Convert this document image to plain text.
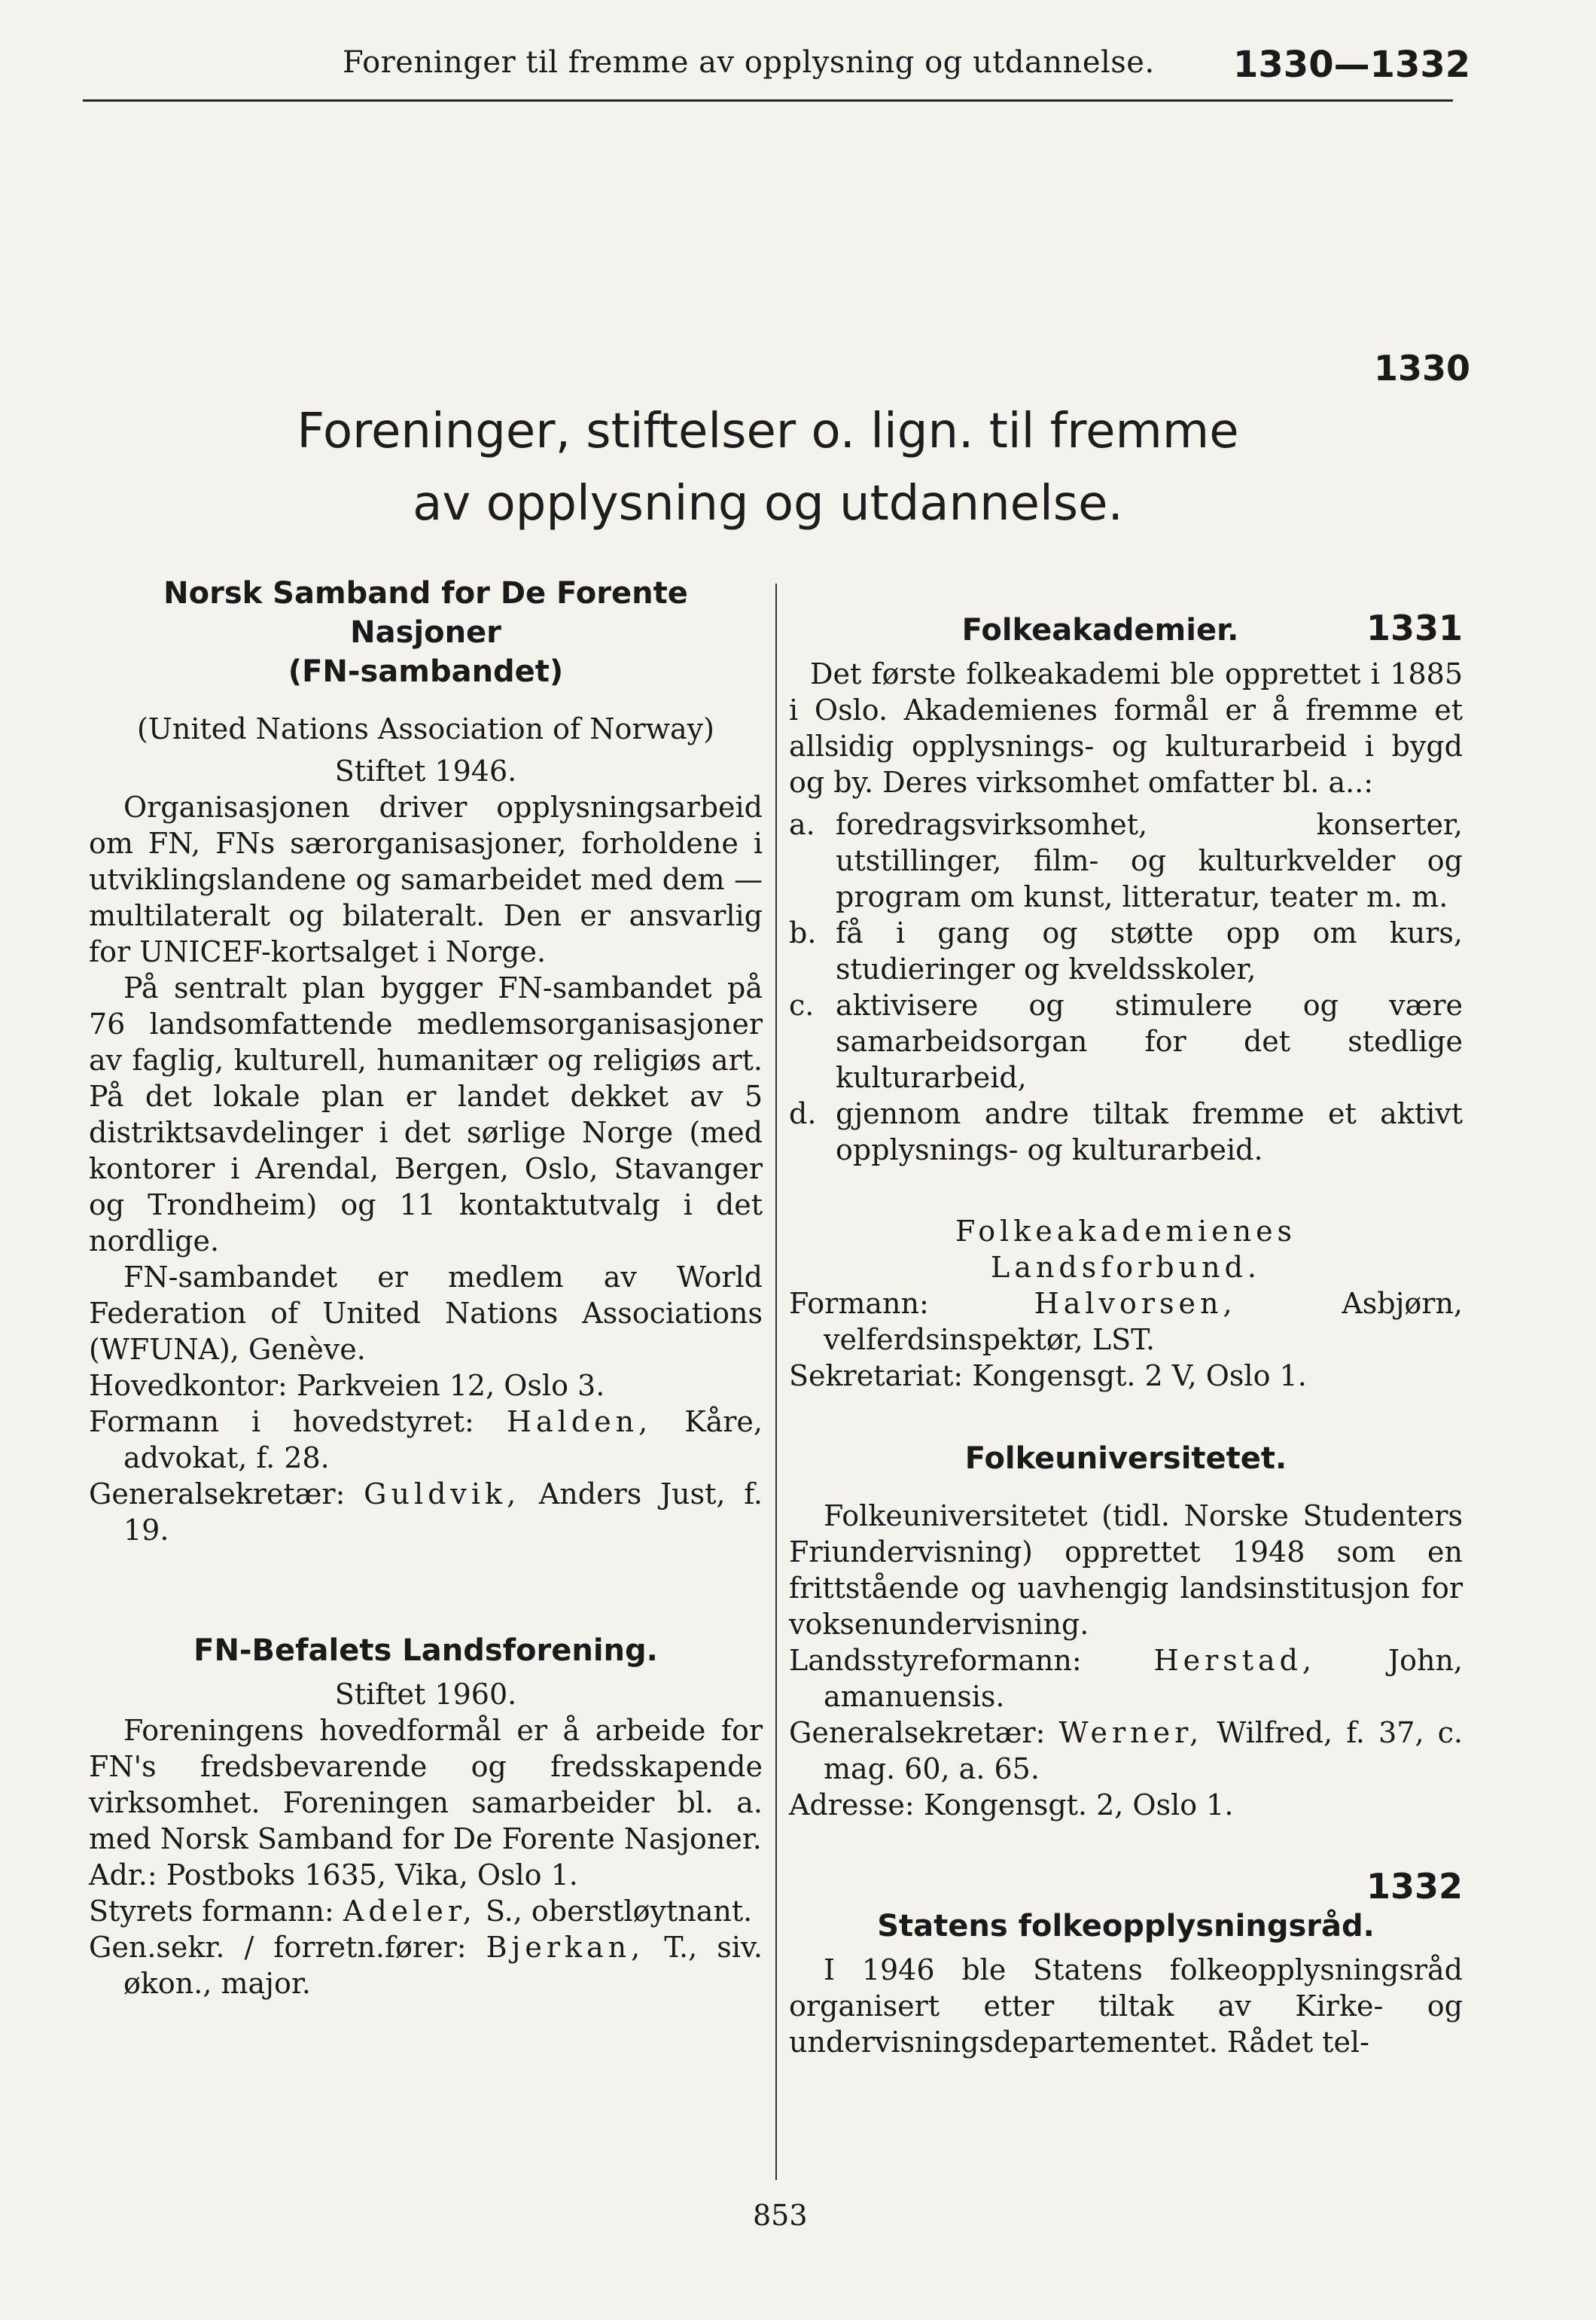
Foreninger til fremme av opplysning og utdannelse. 1330—1332
1330
Foreninger, stiftelser o. lign. til fremme
av opplysning og utdannelse.
Norsk Samband for De Forente Nasjoner
(FN-sambandet)
(United Nations Association of Norway)
Stiftet 1946.

Organisasjonen driver opplysningsarbeid om FN, FNs særorganisasjoner, forholdene i utviklingslandene og samarbeidet med dem — multilateralt og bilateralt. Den er ansvarlig for UNICEF-kortsalget i Norge.

På sentralt plan bygger FN-sambandet på 76 landsomfattende medlemsorganisasjoner av faglig, kulturell, humanitær og religiøs art. På det lokale plan er landet dekket av 5 distriktsavdelinger i det sørlige Norge (med kontorer i Arendal, Bergen, Oslo, Stavanger og Trondheim) og 11 kontaktutvalg i det nordlige.

FN-sambandet er medlem av World Federation of United Nations Associations (WFUNA), Genève.

Hovedkontor: Parkveien 12, Oslo 3.

Formann i hovedstyret: Halden, Kåre, advokat, f. 28.

Generalsekretær: Guldvik, Anders Just, f. 19.

FN-Befalets Landsforening.
Stiftet 1960.

Foreningens hovedformål er å arbeide for FN's fredsbevarende og fredsskapende virksomhet. Foreningen samarbeider bl. a. med Norsk Samband for De Forente Nasjoner.

Adr.: Postboks 1635, Vika, Oslo 1.

Styrets formann: Adeler, S., oberstløytnant.

Gen.sekr. / forretn.fører: Bjerkan, T., siv. økon., major.

Folkeakademier.	1331

Det første folkeakademi ble opprettet i 1885 i Oslo. Akademienes formål er å fremme et allsidig opplysnings- og kulturarbeid i bygd og by. Deres virksomhet omfatter bl. a..:

a. foredragsvirksomhet, konserter, utstillinger, film- og kulturkvelder og program om kunst, litteratur, teater m. m.

b. få i gang og støtte opp om kurs, studieringer og kveldsskoler,

c. aktivisere og stimulere og være samarbeidsorgan for det stedlige kulturarbeid,

d. gjennom andre tiltak fremme et aktivt opplysnings- og kulturarbeid.

Folkeakademienes Landsforbund.

Formann:	Halvorsen,	Asbjørn, velferdsinspektør, LST.

Sekretariat: Kongensgt. 2 V, Oslo 1.

Folkeuniversitetet.

Folkeuniversitetet (tidl. Norske Studenters Friundervisning) opprettet 1948 som en frittstående og uavhengig landsinstitusjon for voksenundervisning.

Landsstyreformann:	Herstad,	John, amanuensis.

Generalsekretær: Werner, Wilfred, f. 37, c. mag. 60, a. 65.

Adresse: Kongensgt. 2, Oslo 1.

1332
Statens folkeopplysningsråd.

I 1946 ble Statens folkeopplysningsråd organisert etter tiltak av Kirke- og undervisningsdepartementet. Rådet tel-

853
